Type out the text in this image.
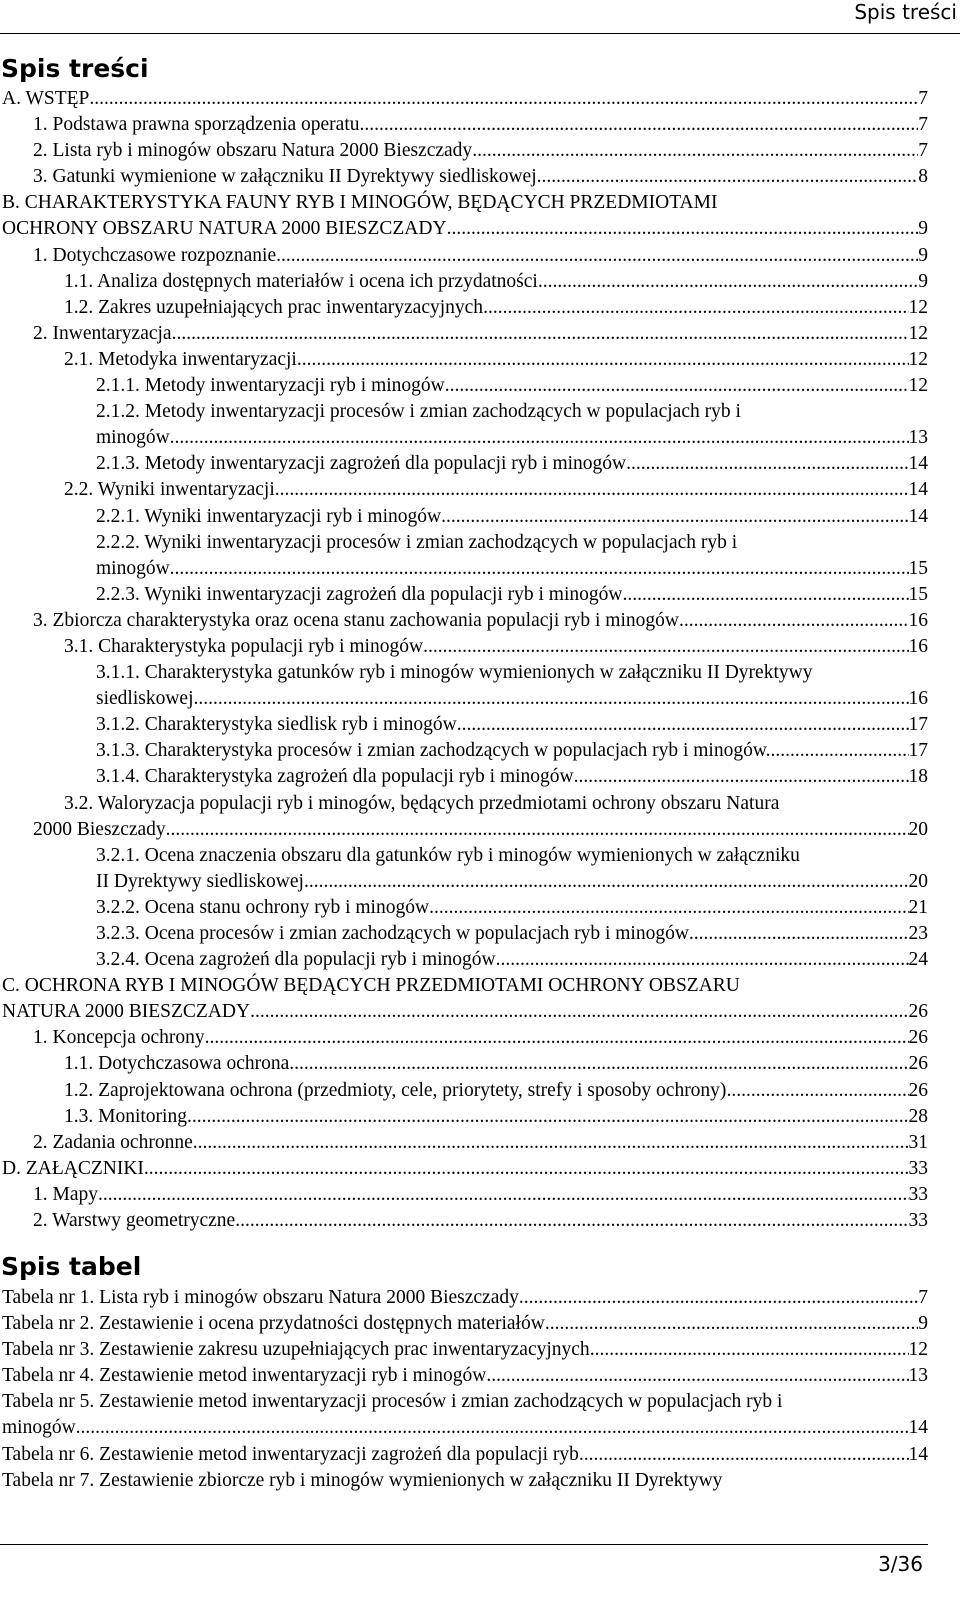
Spis treści
Spis treści
A. WSTĘP .....	7
1. Podstawa prawna sporządzenia operatu .....	7
2. Lista ryb i minogów obszaru Natura 2000 Bieszczady .....	7
3. Gatunki wymienione w załączniku II Dyrektywy siedliskowej .....	8
B. CHARAKTERYSTYKA FAUNY RYB I MINOGÓW, BĘDĄCYCH PRZEDMIOTAMI
OCHRONY OBSZARU NATURA 2000 BIESZCZADY .....	9
1. Dotychczasowe rozpoznanie .....	9
1.1. Analiza dostępnych materiałów i ocena ich przydatności .....	9
1.2. Zakres uzupełniających prac inwentaryzacyjnych .....	12
2. Inwentaryzacja .....	12
2.1. Metodyka inwentaryzacji .....	12
2.1.1. Metody inwentaryzacji ryb i minogów .....	12
2.1.2. Metody inwentaryzacji procesów i zmian zachodzących w populacjach ryb i
minogów .....	13
2.1.3. Metody inwentaryzacji zagrożeń dla populacji ryb i minogów .....	14
2.2. Wyniki inwentaryzacji .....	14
2.2.1. Wyniki inwentaryzacji ryb i minogów .....	14
2.2.2. Wyniki inwentaryzacji procesów i zmian zachodzących w populacjach ryb i
minogów .....	15
2.2.3. Wyniki inwentaryzacji zagrożeń dla populacji ryb i minogów .....	15
3. Zbiorcza charakterystyka oraz ocena stanu zachowania populacji ryb i minogów .....	16
3.1. Charakterystyka populacji ryb i minogów .....	16
3.1.1. Charakterystyka gatunków ryb i minogów wymienionych w załączniku II Dyrektywy
siedliskowej .....	16
3.1.2. Charakterystyka siedlisk ryb i minogów .....	17
3.1.3. Charakterystyka procesów i zmian zachodzących w populacjach ryb i minogów. .....	17
3.1.4. Charakterystyka zagrożeń dla populacji ryb i minogów .....	18
3.2. Waloryzacja populacji ryb i minogów, będących przedmiotami ochrony obszaru Natura
2000 Bieszczady .....	20
3.2.1. Ocena znaczenia obszaru dla gatunków ryb i minogów wymienionych w załączniku
II Dyrektywy siedliskowej .....	20
3.2.2. Ocena stanu ochrony ryb i minogów .....	21
3.2.3. Ocena procesów i zmian zachodzących w populacjach ryb i minogów .....	23
3.2.4. Ocena zagrożeń dla populacji ryb i minogów .....	24
C. OCHRONA RYB I MINOGÓW BĘDĄCYCH PRZEDMIOTAMI OCHRONY OBSZARU
NATURA 2000 BIESZCZADY .....	26
1. Koncepcja ochrony .....	26
1.1. Dotychczasowa ochrona .....	26
1.2. Zaprojektowana ochrona (przedmioty, cele, priorytety, strefy i sposoby ochrony) .....	26
1.3. Monitoring .....	28
2. Zadania ochronne .....	31
D. ZAŁĄCZNIKI .....	33
1. Mapy .....	33
2. Warstwy geometryczne .....	33
Spis tabel
Tabela nr 1. Lista ryb i minogów obszaru Natura 2000 Bieszczady .....	7
Tabela nr 2. Zestawienie i ocena przydatności dostępnych materiałów .....	9
Tabela nr 3. Zestawienie zakresu uzupełniających prac inwentaryzacyjnych .....	12
Tabela nr 4. Zestawienie metod inwentaryzacji ryb i minogów .....	13
Tabela nr 5. Zestawienie metod inwentaryzacji procesów i zmian zachodzących w populacjach ryb i
minogów .....	14
Tabela nr 6. Zestawienie metod inwentaryzacji zagrożeń dla populacji ryb .....	14
Tabela nr 7. Zestawienie zbiorcze ryb i minogów wymienionych w załączniku II Dyrektywy
3/36
